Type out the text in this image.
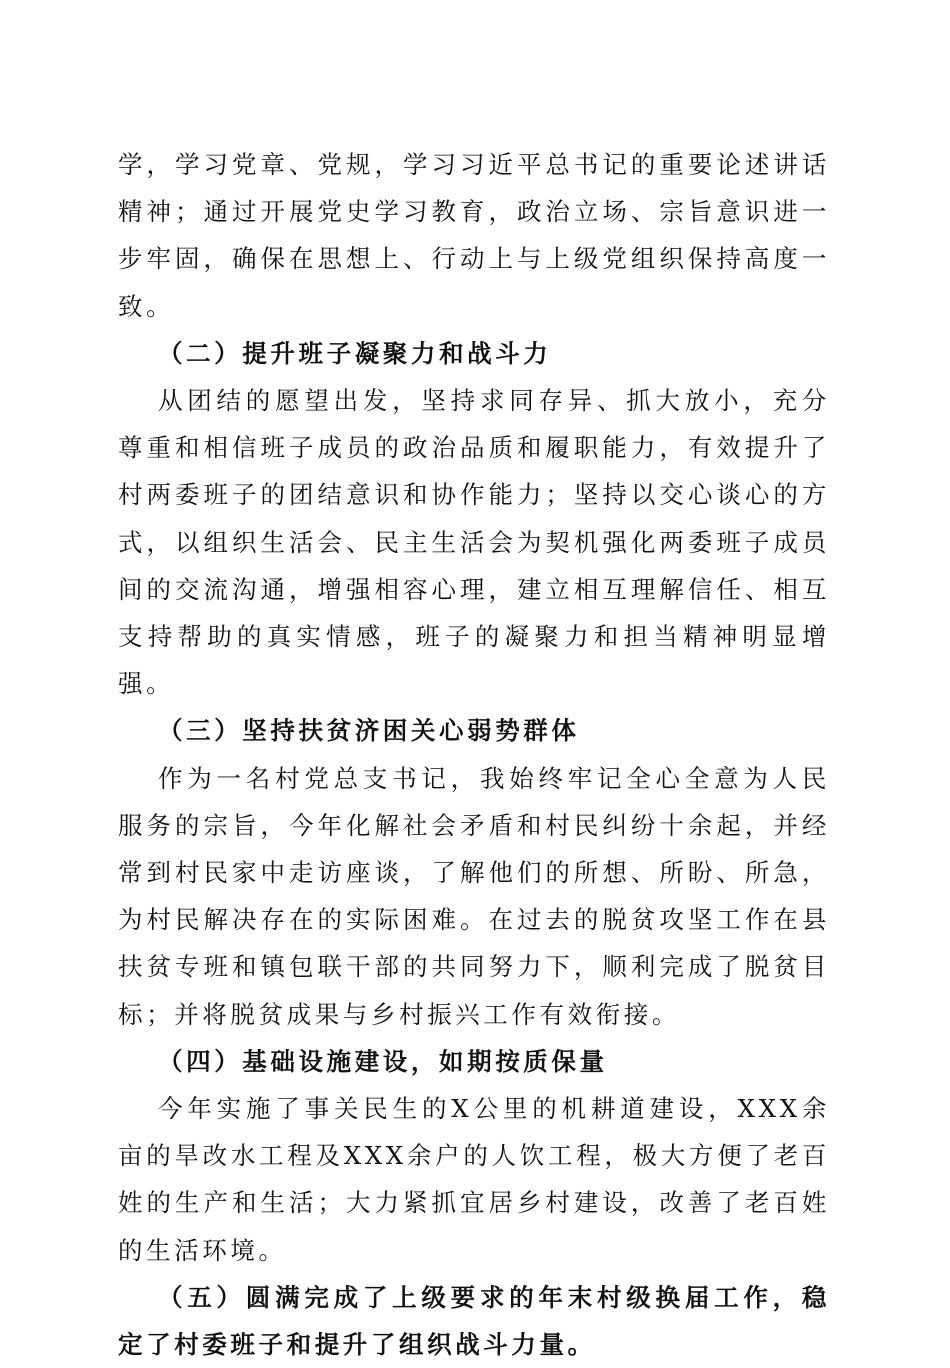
学，学习党章、党规，学习习近平总书记的重要论述讲话精神；通过开展党史学习教育，政治立场、宗旨意识进一步牢固，确保在思想上、行动上与上级党组织保持高度一致。

（二）提升班子凝聚力和战斗力

从团结的愿望出发，坚持求同存异、抓大放小，充分尊重和相信班子成员的政治品质和履职能力，有效提升了村两委班子的团结意识和协作能力；坚持以交心谈心的方式，以组织生活会、民主生活会为契机强化两委班子成员间的交流沟通，增强相容心理，建立相互理解信任、相互支持帮助的真实情感，班子的凝聚力和担当精神明显增强。

（三）坚持扶贫济困关心弱势群体

作为一名村党总支书记，我始终牢记全心全意为人民服务的宗旨，今年化解社会矛盾和村民纠纷十余起，并经常到村民家中走访座谈，了解他们的所想、所盼、所急，为村民解决存在的实际困难。在过去的脱贫攻坚工作在县扶贫专班和镇包联干部的共同努力下，顺利完成了脱贫目标；并将脱贫成果与乡村振兴工作有效衔接。

（四）基础设施建设，如期按质保量

今年实施了事关民生的X公里的机耕道建设，XXX余亩的旱改水工程及XXX余户的人饮工程，极大方便了老百姓的生产和生活；大力紧抓宜居乡村建设，改善了老百姓的生活环境。

（五）圆满完成了上级要求的年末村级换届工作，稳定了村委班子和提升了组织战斗力量。
